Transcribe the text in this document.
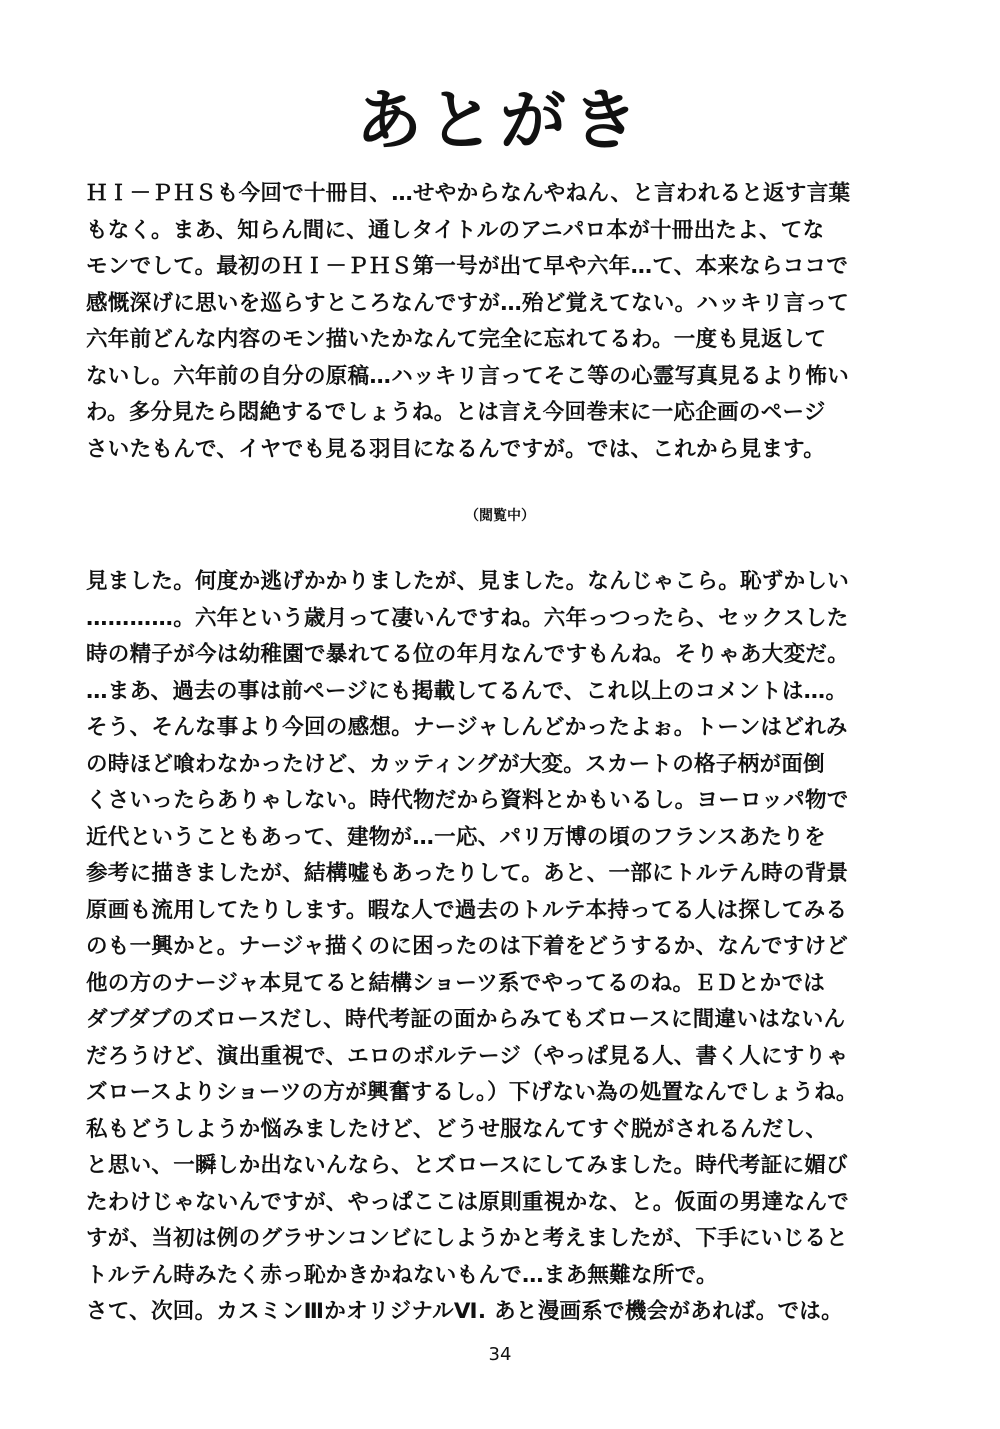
あとがき
ＨＩ－ＰＨＳも今回で十冊目、…せやからなんやねん、と言われると返す言葉
もなく。まあ、知らん間に、通しタイトルのアニパロ本が十冊出たよ、てな
モンでして。最初のＨＩ－ＰＨＳ第一号が出て早や六年…て、本来ならココで
感慨深げに思いを巡らすところなんですが…殆ど覚えてない。ハッキリ言って
六年前どんな内容のモン描いたかなんて完全に忘れてるわ。一度も見返して
ないし。六年前の自分の原稿…ハッキリ言ってそこ等の心霊写真見るより怖い
わ。多分見たら悶絶するでしょうね。とは言え今回巻末に一応企画のページ
さいたもんで、イヤでも見る羽目になるんですが。では、これから見ます。
（閲覧中）
見ました。何度か逃げかかりましたが、見ました。なんじゃこら。恥ずかしい
…………。六年という歳月って凄いんですね。六年っつったら、セックスした
時の精子が今は幼稚園で暴れてる位の年月なんですもんね。そりゃあ大変だ。
…まあ、過去の事は前ページにも掲載してるんで、これ以上のコメントは…。
そう、そんな事より今回の感想。ナージャしんどかったよぉ。トーンはどれみ
の時ほど喰わなかったけど、カッティングが大変。スカートの格子柄が面倒
くさいったらありゃしない。時代物だから資料とかもいるし。ヨーロッパ物で
近代ということもあって、建物が…一応、パリ万博の頃のフランスあたりを
参考に描きましたが、結構嘘もあったりして。あと、一部にトルテん時の背景
原画も流用してたりします。暇な人で過去のトルテ本持ってる人は探してみる
のも一興かと。ナージャ描くのに困ったのは下着をどうするか、なんですけど
他の方のナージャ本見てると結構ショーツ系でやってるのね。ＥＤとかでは
ダブダブのズロースだし、時代考証の面からみてもズロースに間違いはないん
だろうけど、演出重視で、エロのボルテージ（やっぱ見る人、書く人にすりゃ
ズロースよりショーツの方が興奮するし。）下げない為の処置なんでしょうね。
私もどうしようか悩みましたけど、どうせ服なんてすぐ脱がされるんだし、
と思い、一瞬しか出ないんなら、とズロースにしてみました。時代考証に媚び
たわけじゃないんですが、やっぱここは原則重視かな、と。仮面の男達なんで
すが、当初は例のグラサンコンビにしようかと考えましたが、下手にいじると
トルテん時みたく赤っ恥かきかねないもんで…まあ無難な所で。
さて、次回。カスミンⅢかオリジナルⅥ. あと漫画系で機会があれば。では。
34
